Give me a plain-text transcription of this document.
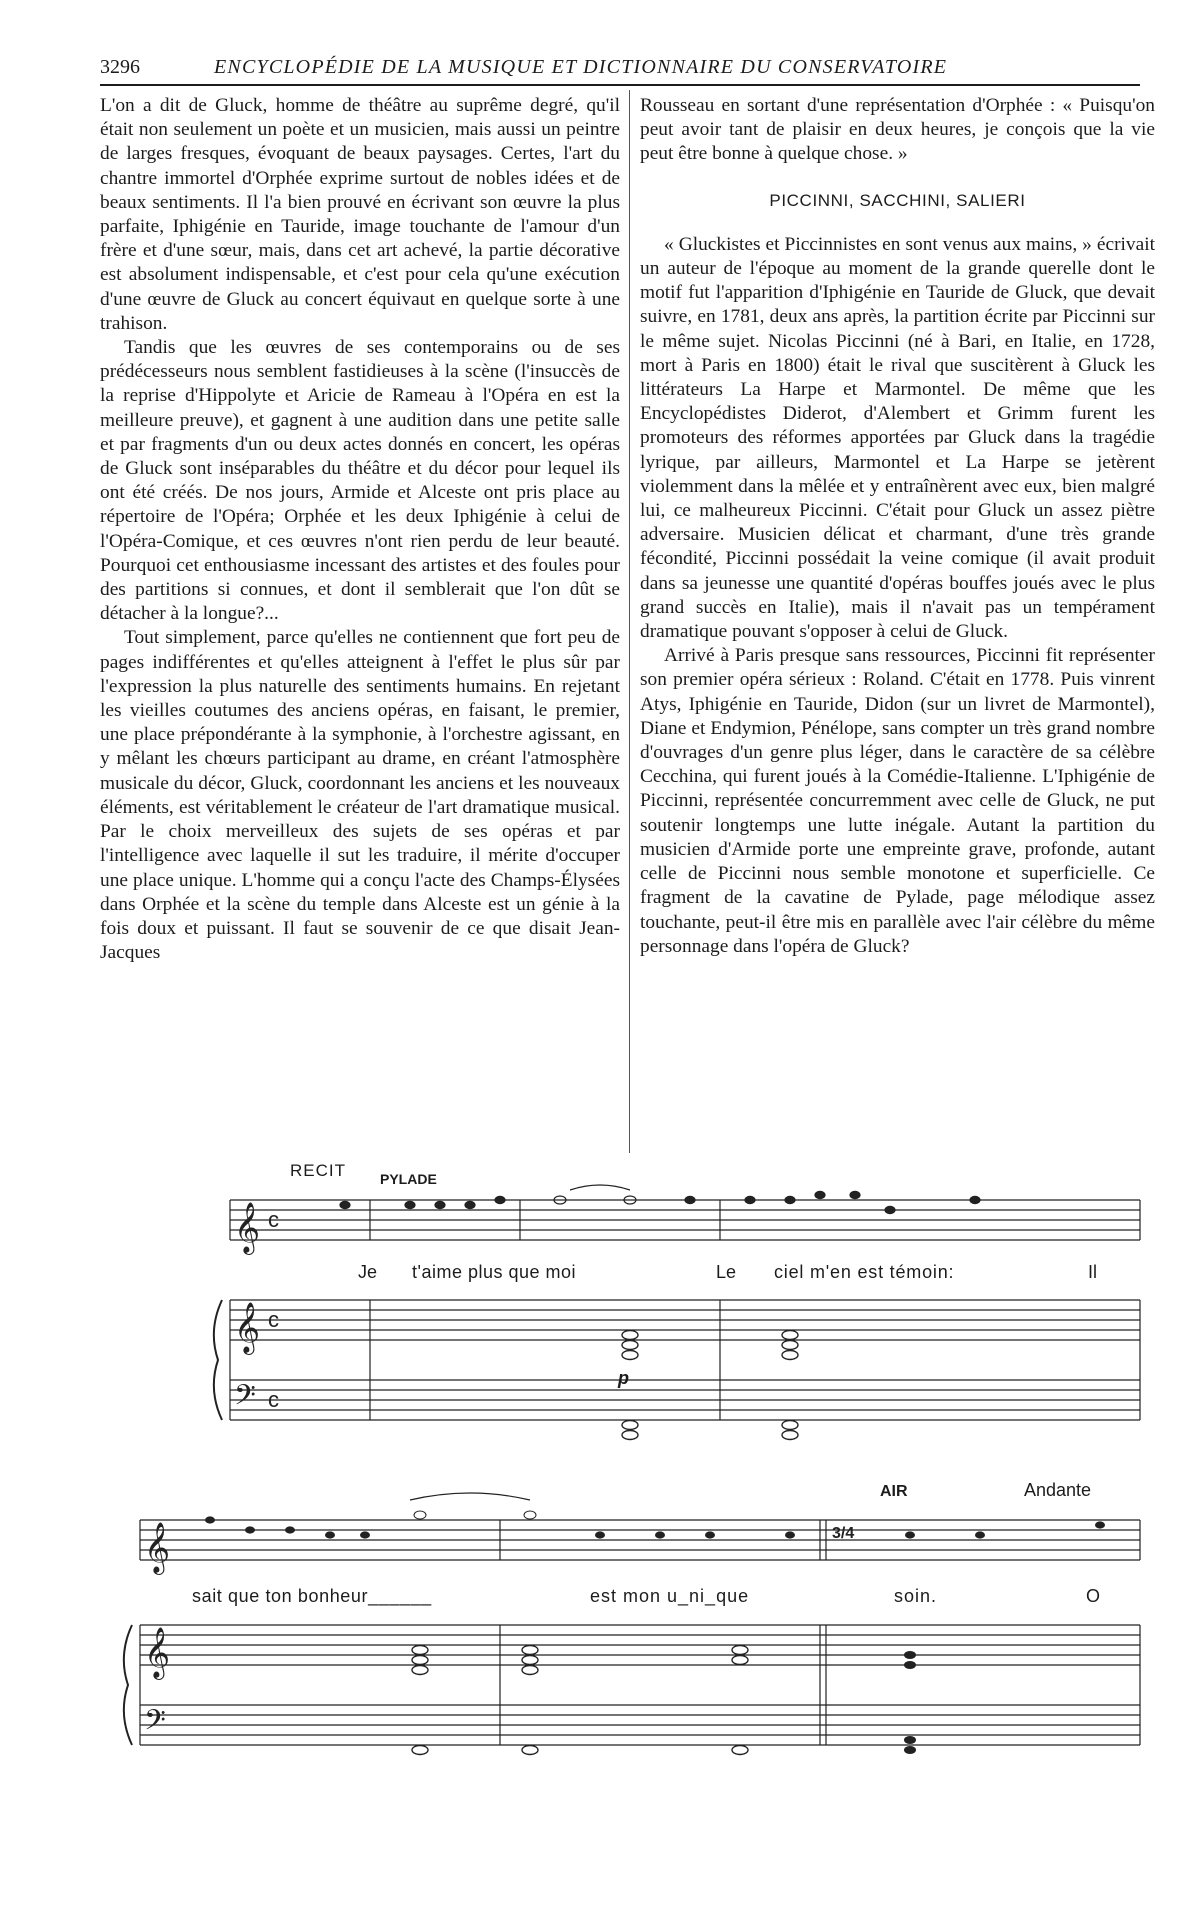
3296	ENCYCLOPÉDIE DE LA MUSIQUE ET DICTIONNAIRE DU CONSERVATOIRE

L'on a dit de Gluck, homme de théâtre au suprême degré, qu'il était non seulement un poète et un musicien, mais aussi un peintre de larges fresques, évoquant de beaux paysages. Certes, l'art du chantre immortel d'Orphée exprime surtout de nobles idées et de beaux sentiments. Il l'a bien prouvé en écrivant son œuvre la plus parfaite, Iphigénie en Tauride, image touchante de l'amour d'un frère et d'une sœur, mais, dans cet art achevé, la partie décorative est absolument indispensable, et c'est pour cela qu'une exécution d'une œuvre de Gluck au concert équivaut en quelque sorte à une trahison.

Tandis que les œuvres de ses contemporains ou de ses prédécesseurs nous semblent fastidieuses à la scène (l'insuccès de la reprise d'Hippolyte et Aricie de Rameau à l'Opéra en est la meilleure preuve), et gagnent à une audition dans une petite salle et par fragments d'un ou deux actes donnés en concert, les opéras de Gluck sont inséparables du théâtre et du décor pour lequel ils ont été créés. De nos jours, Armide et Alceste ont pris place au répertoire de l'Opéra; Orphée et les deux Iphigénie à celui de l'Opéra-Comique, et ces œuvres n'ont rien perdu de leur beauté. Pourquoi cet enthousiasme incessant des artistes et des foules pour des partitions si connues, et dont il semblerait que l'on dût se détacher à la longue?...

Tout simplement, parce qu'elles ne contiennent que fort peu de pages indifférentes et qu'elles atteignent à l'effet le plus sûr par l'expression la plus naturelle des sentiments humains. En rejetant les vieilles coutumes des anciens opéras, en faisant, le premier, une place prépondérante à la symphonie, à l'orchestre agissant, en y mêlant les chœurs participant au drame, en créant l'atmosphère musicale du décor, Gluck, coordonnant les anciens et les nouveaux éléments, est véritablement le créateur de l'art dramatique musical. Par le choix merveilleux des sujets de ses opéras et par l'intelligence avec laquelle il sut les traduire, il mérite d'occuper une place unique. L'homme qui a conçu l'acte des Champs-Élysées dans Orphée et la scène du temple dans Alceste est un génie à la fois doux et puissant. Il faut se souvenir de ce que disait Jean-Jacques

Rousseau en sortant d'une représentation d'Orphée : « Puisqu'on peut avoir tant de plaisir en deux heures, je conçois que la vie peut être bonne à quelque chose. »

PICCINNI, SACCHINI, SALIERI

« Gluckistes et Piccinnistes en sont venus aux mains, » écrivait un auteur de l'époque au moment de la grande querelle dont le motif fut l'apparition d'Iphigénie en Tauride de Gluck, que devait suivre, en 1781, deux ans après, la partition écrite par Piccinni sur le même sujet. Nicolas Piccinni (né à Bari, en Italie, en 1728, mort à Paris en 1800) était le rival que suscitèrent à Gluck les littérateurs La Harpe et Marmontel. De même que les Encyclopédistes Diderot, d'Alembert et Grimm furent les promoteurs des réformes apportées par Gluck dans la tragédie lyrique, par ailleurs, Marmontel et La Harpe se jetèrent violemment dans la mêlée et y entraînèrent avec eux, bien malgré lui, ce malheureux Piccinni. C'était pour Gluck un assez piètre adversaire. Musicien délicat et charmant, d'une très grande fécondité, Piccinni possédait la veine comique (il avait produit dans sa jeunesse une quantité d'opéras bouffes joués avec le plus grand succès en Italie), mais il n'avait pas un tempérament dramatique pouvant s'opposer à celui de Gluck.

Arrivé à Paris presque sans ressources, Piccinni fit représenter son premier opéra sérieux : Roland. C'était en 1778. Puis vinrent Atys, Iphigénie en Tauride, Didon (sur un livret de Marmontel), Diane et Endymion, Pénélope, sans compter un très grand nombre d'ouvrages d'un genre plus léger, dans le caractère de sa célèbre Cecchina, qui furent joués à la Comédie-Italienne. L'Iphigénie de Piccinni, représentée concurremment avec celle de Gluck, ne put soutenir longtemps une lutte inégale. Autant la partition du musicien d'Armide porte une empreinte grave, profonde, autant celle de Piccinni nous semble monotone et superficielle. Ce fragment de la cavatine de Pylade, page mélodique assez touchante, peut-il être mis en parallèle avec l'air célèbre du même personnage dans l'opéra de Gluck?

𝄞
𝄞
𝄢
𝄞
𝄞
𝄢
c
c
c
3/4
RECIT PYLADE
Je t'aime plus que moi	Le ciel m'en est témoin:	Il
p
AIR	Andante
sait que ton bonheur______	est mon u_ni_que	soin.	O
